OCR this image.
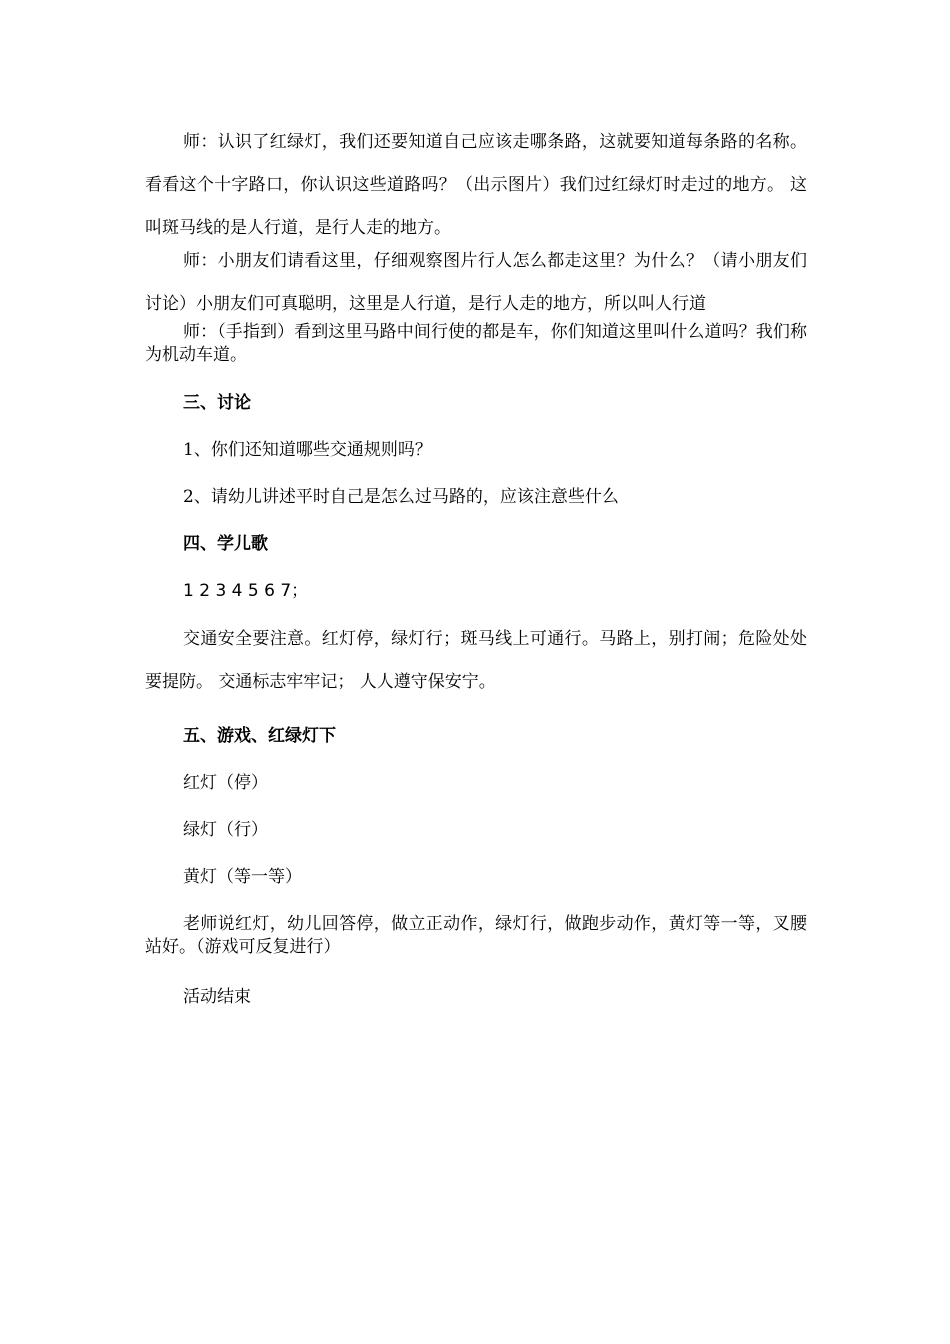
师：认识了红绿灯，我们还要知道自己应该走哪条路，这就要知道每条路的名称。看看这个十字路口，你认识这些道路吗？（出示图片）我们过红绿灯时走过的地方。 这叫斑马线的是人行道，是行人走的地方。
师：小朋友们请看这里，仔细观察图片行人怎么都走这里？为什么？（请小朋友们讨论）小朋友们可真聪明，这里是人行道，是行人走的地方，所以叫人行道
师：（手指到）看到这里马路中间行使的都是车，你们知道这里叫什么道吗？我们称为机动车道。
三、讨论
1、你们还知道哪些交通规则吗？
2、请幼儿讲述平时自己是怎么过马路的，应该注意些什么
四、学儿歌
1 2 3 4 5 6 7；
交通安全要注意。红灯停，绿灯行；斑马线上可通行。马路上，别打闹；危险处处要提防。 交通标志牢牢记； 人人遵守保安宁。
五、游戏、红绿灯下
红灯（停）
绿灯（行）
黄灯（等一等）
老师说红灯，幼儿回答停，做立正动作，绿灯行，做跑步动作，黄灯等一等，叉腰站好。（游戏可反复进行）
活动结束
